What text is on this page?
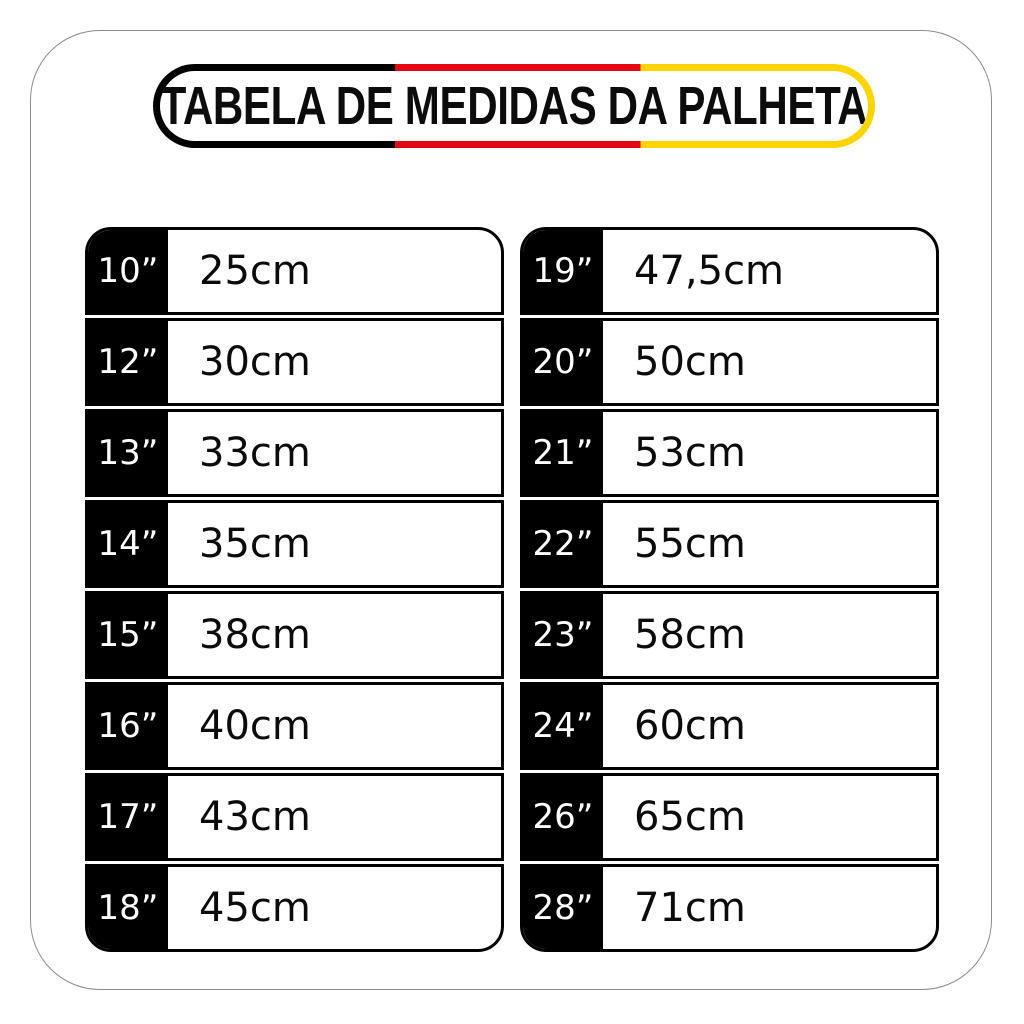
TABELA DE MEDIDAS DA PALHETA
10”	25cm
12”	30cm
13”	33cm
14”	35cm
15”	38cm
16”	40cm
17”	43cm
18”	45cm
19”	47,5cm
20”	50cm
21”	53cm
22”	55cm
23”	58cm
24”	60cm
26”	65cm
28”	71cm
